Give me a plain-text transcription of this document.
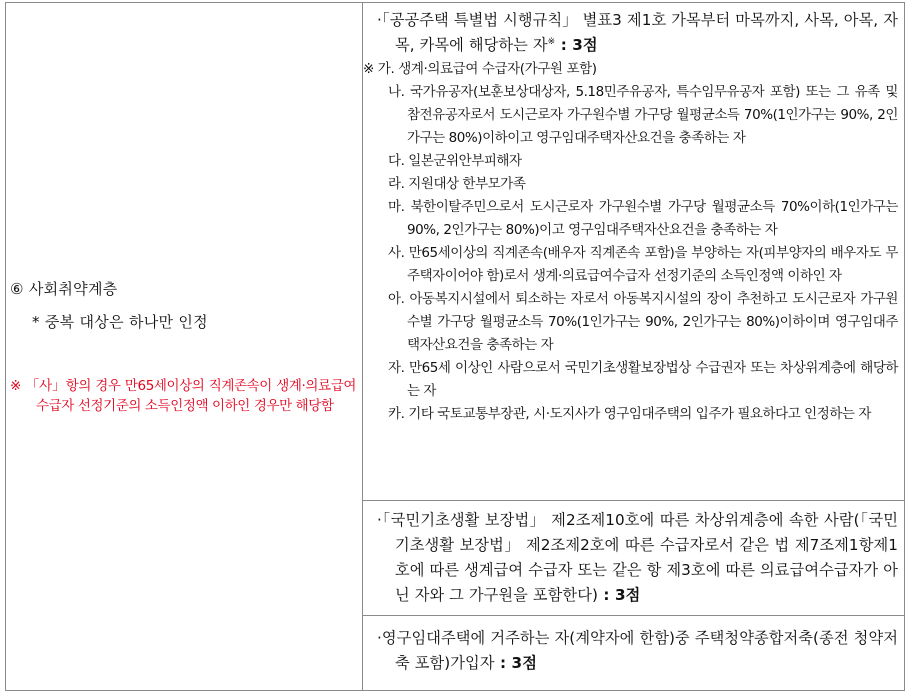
⑥ 사회취약계층
* 중복 대상은 하나만 인정
※ 「사」항의 경우 만65세이상의 직계존속이 생계·의료급여수급자 선정기준의 소득인정액 이하인 경우만 해당함

·「공공주택 특별법 시행규칙」 별표3 제1호 가목부터 마목까지, 사목, 아목, 자목, 카목에 해당하는 자※ : 3점
※ 가. 생계·의료급여 수급자(가구원 포함)
나. 국가유공자(보훈보상대상자, 5.18민주유공자, 특수임무유공자 포함) 또는 그 유족 및 참전유공자로서 도시근로자 가구원수별 가구당 월평균소득 70%(1인가구는 90%, 2인가구는 80%)이하이고 영구임대주택자산요건을 충족하는 자
다. 일본군위안부피해자
라. 지원대상 한부모가족
마. 북한이탈주민으로서 도시근로자 가구원수별 가구당 월평균소득 70%이하(1인가구는 90%, 2인가구는 80%)이고 영구임대주택자산요건을 충족하는 자
사. 만65세이상의 직계존속(배우자 직계존속 포함)을 부양하는 자(피부양자의 배우자도 무주택자이어야 함)로서 생계·의료급여수급자 선정기준의 소득인정액 이하인 자
아. 아동복지시설에서 퇴소하는 자로서 아동복지시설의 장이 추천하고 도시근로자 가구원수별 가구당 월평균소득 70%(1인가구는 90%, 2인가구는 80%)이하이며 영구임대주택자산요건을 충족하는 자
자. 만65세 이상인 사람으로서 국민기초생활보장법상 수급권자 또는 차상위계층에 해당하는 자
카. 기타 국토교통부장관, 시·도지사가 영구임대주택의 입주가 필요하다고 인정하는 자

·「국민기초생활 보장법」 제2조제10호에 따른 차상위계층에 속한 사람(「국민기초생활 보장법」 제2조제2호에 따른 수급자로서 같은 법 제7조제1항제1호에 따른 생계급여 수급자 또는 같은 항 제3호에 따른 의료급여수급자가 아닌 자와 그 가구원을 포함한다) : 3점

·영구임대주택에 거주하는 자(계약자에 한함)중 주택청약종합저축(종전 청약저축 포함)가입자 : 3점
